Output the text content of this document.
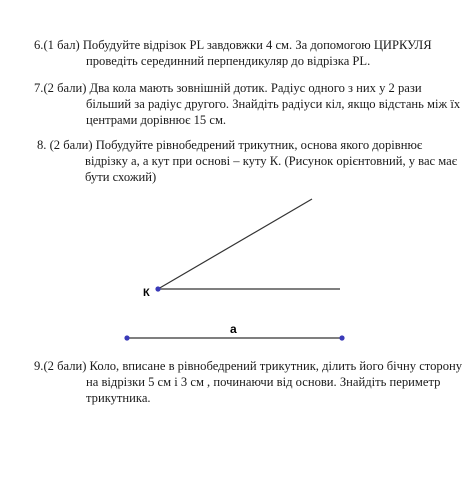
6.(1 бал) Побудуйте відрізок PL завдовжки 4 см. За допомогою ЦИРКУЛЯ
проведіть серединний перпендикуляр до відрізка PL.
7.(2 бали) Два кола мають зовнішній дотик. Радіус одного з них у 2 рази
більший за радіус другого. Знайдіть радіуси кіл, якщо відстань між їх
центрами дорівнює 15 см.
8. (2 бали) Побудуйте рівнобедрений трикутник, основа якого дорівнює
відрізку a, а кут при основі – куту К. (Рисунок орієнтовний, у вас має
бути схожий)
К
a
9.(2 бали) Коло, вписане в рівнобедрений трикутник, ділить його бічну сторону
на відрізки 5 см і 3 см , починаючи від основи. Знайдіть периметр
трикутника.
